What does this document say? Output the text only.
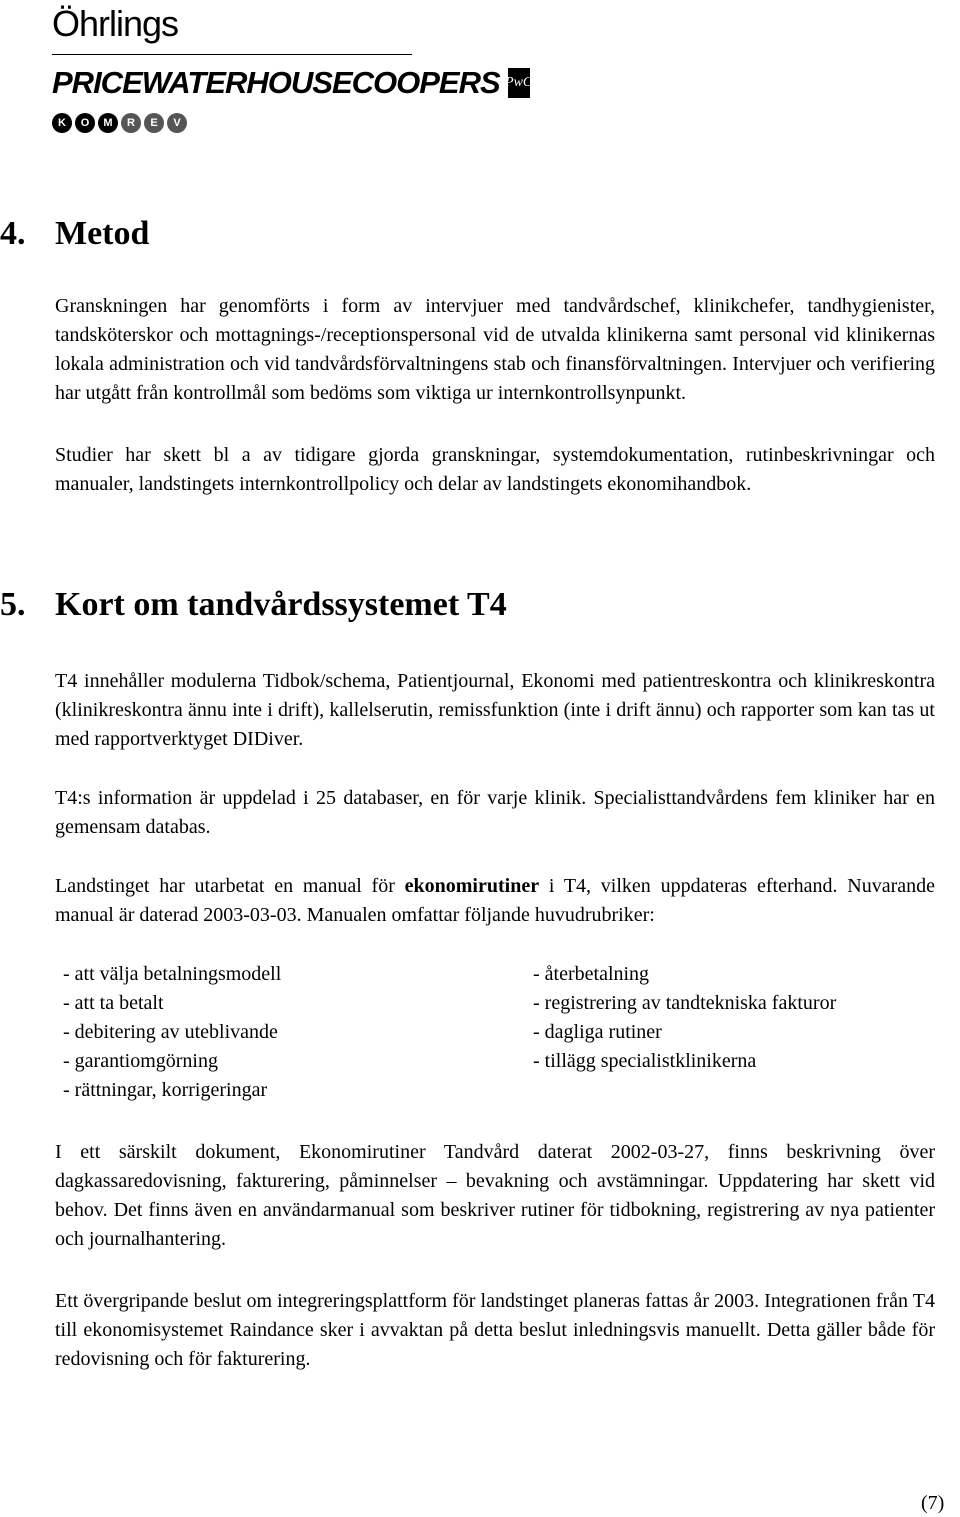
Öhrlings
PRICEWATERHOUSECOOPERS PwC
K	O	M	R	E	V
4. Metod

Granskningen har genomförts i form av intervjuer med tandvårdschef, klinikchefer, tandhygienister, tandsköterskor och mottagnings-/receptionspersonal vid de utvalda klinikerna samt personal vid klinikernas lokala administration och vid tandvårdsförvaltningens stab och finansförvaltningen. Intervjuer och verifiering har utgått från kontrollmål som bedöms som viktiga ur internkontrollsynpunkt.

Studier har skett bl a av tidigare gjorda granskningar, systemdokumentation, rutinbeskrivningar och manualer, landstingets internkontrollpolicy och delar av landstingets ekonomihandbok.

5. Kort om tandvårdssystemet T4

T4 innehåller modulerna Tidbok/schema, Patientjournal, Ekonomi med patientreskontra och klinikreskontra (klinikreskontra ännu inte i drift), kallelserutin, remissfunktion (inte i drift ännu) och rapporter som kan tas ut med rapportverktyget DIDiver.

T4:s information är uppdelad i 25 databaser, en för varje klinik. Specialisttandvårdens fem kliniker har en gemensam databas.

Landstinget har utarbetat en manual för ekonomirutiner i T4, vilken uppdateras efterhand. Nuvarande manual är daterad 2003-03-03. Manualen omfattar följande huvudrubriker:

- att välja betalningsmodell
- att ta betalt
- debitering av uteblivande
- garantiomgörning
- rättningar, korrigeringar
- återbetalning
- registrering av tandtekniska fakturor
- dagliga rutiner
- tillägg specialistklinikerna

I ett särskilt dokument, Ekonomirutiner Tandvård daterat 2002-03-27, finns beskrivning över dagkassaredovisning, fakturering, påminnelser – bevakning och avstämningar. Uppdatering har skett vid behov. Det finns även en användarmanual som beskriver rutiner för tidbokning, registrering av nya patienter och journalhantering.

Ett övergripande beslut om integreringsplattform för landstinget planeras fattas år 2003. Integrationen från T4 till ekonomisystemet Raindance sker i avvaktan på detta beslut inledningsvis manuellt. Detta gäller både för redovisning och för fakturering.

(7)
